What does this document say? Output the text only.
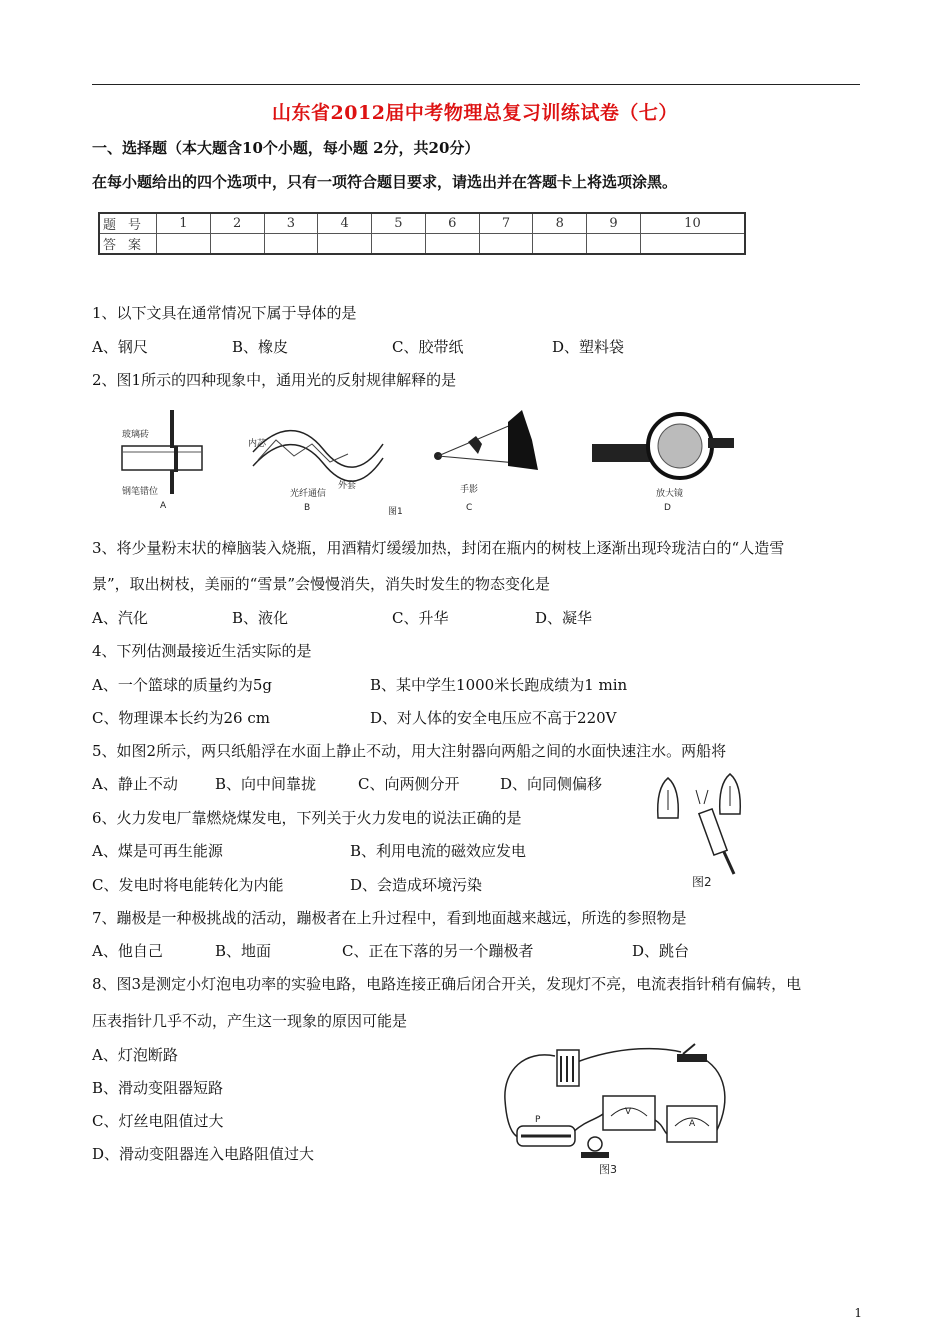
山东省2012届中考物理总复习训练试卷（七）
一、选择题（本大题含10个小题，每小题 2分，共20分）
在每小题给出的四个选项中，只有一项符合题目要求，请选出并在答题卡上将选项涂黑。
题号	1	2	3	4	5	6	7	8	9	10
答案										
1、以下文具在通常情况下属于导体的是
A、钢尺	B、橡皮	C、胶带纸	D、塑料袋
2、图1所示的四种现象中，通用光的反射规律解释的是
玻璃砖
钢笔错位
A
内芯
外套
光纤通信
B	图1
手影
C
放大镜
D
3、将少量粉末状的樟脑装入烧瓶，用酒精灯缓缓加热，封闭在瓶内的树枝上逐渐出现玲珑洁白的“人造雪
景”，取出树枝，美丽的“雪景”会慢慢消失，消失时发生的物态变化是
A、汽化	B、液化	C、升华	D、凝华
4、下列估测最接近生活实际的是
A、一个篮球的质量约为5g	B、某中学生1000米长跑成绩为1 min
C、物理课本长约为26 cm	D、对人体的安全电压应不高于220V
5、如图2所示，两只纸船浮在水面上静止不动，用大注射器向两船之间的水面快速注水。两船将
A、静止不动 B、向中间靠拢	C、向两侧分开	D、向同侧偏移
图2
6、火力发电厂靠燃烧煤发电，下列关于火力发电的说法正确的是
A、煤是可再生能源	B、利用电流的磁效应发电
C、发电时将电能转化为内能	D、会造成环境污染
7、蹦极是一种极挑战的活动，蹦极者在上升过程中，看到地面越来越远，所选的参照物是
A、他自己	B、地面	C、正在下落的另一个蹦极者	D、跳台
8、图3是测定小灯泡电功率的实验电路，电路连接正确后闭合开关，发现灯不亮，电流表指针稍有偏转，电
压表指针几乎不动，产生这一现象的原因可能是
A、灯泡断路
B、滑动变阻器短路
C、灯丝电阻值过大
D、滑动变阻器连入电路阻值过大
V
A
P
图3
1
